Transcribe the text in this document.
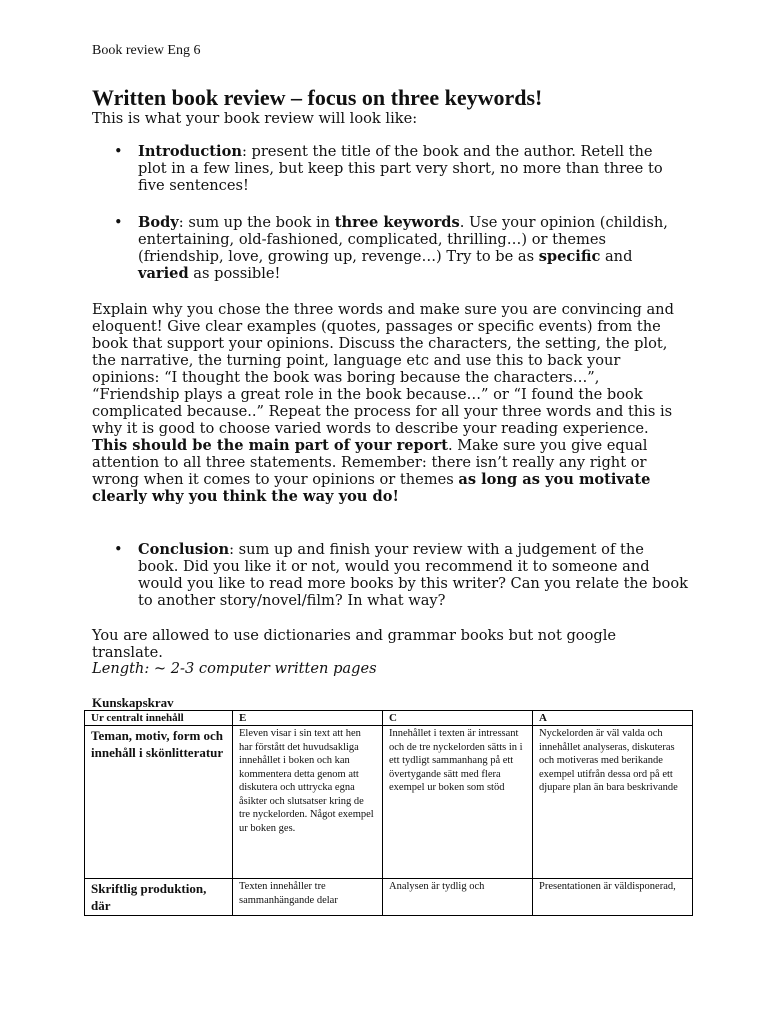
Book review Eng 6
Written book review – focus on three keywords!
This is what your book review will look like:
• Introduction: present the title of the book and the author. Retell the plot in a few lines, but keep this part very short, no more than three to five sentences!
• Body: sum up the book in three keywords. Use your opinion (childish, entertaining, old-fashioned, complicated, thrilling…) or themes (friendship, love, growing up, revenge…) Try to be as specific and varied as possible!
Explain why you chose the three words and make sure you are convincing and eloquent! Give clear examples (quotes, passages or specific events) from the book that support your opinions. Discuss the characters, the setting, the plot, the narrative, the turning point, language etc and use this to back your opinions: “I thought the book was boring because the characters…”, “Friendship plays a great role in the book because…” or “I found the book complicated because..” Repeat the process for all your three words and this is why it is good to choose varied words to describe your reading experience. This should be the main part of your report. Make sure you give equal attention to all three statements. Remember: there isn’t really any right or wrong when it comes to your opinions or themes as long as you motivate clearly why you think the way you do!
• Conclusion: sum up and finish your review with a judgement of the book. Did you like it or not, would you recommend it to someone and would you like to read more books by this writer? Can you relate the book to another story/novel/film? In what way?
You are allowed to use dictionaries and grammar books but not google translate.
Length: ~ 2-3 computer written pages
Kunskapskrav
Ur centralt innehåll	E	C	A
Teman, motiv, form och innehåll i skönlitteratur	Eleven visar i sin text att hen har förstått det huvudsakliga innehållet i boken och kan kommentera detta genom att diskutera och uttrycka egna åsikter och slutsatser kring de tre nyckelorden. Något exempel ur boken ges.	Innehållet i texten är intressant och de tre nyckelorden sätts in i ett tydligt sammanhang på ett övertygande sätt med flera exempel ur boken som stöd	Nyckelorden är väl valda och innehållet analyseras, diskuteras och motiveras med berikande exempel utifrån dessa ord på ett djupare plan än bara beskrivande
Skriftlig produktion, där	Texten innehåller tre sammanhängande delar	Analysen är tydlig och	Presentationen är väldisponerad,
